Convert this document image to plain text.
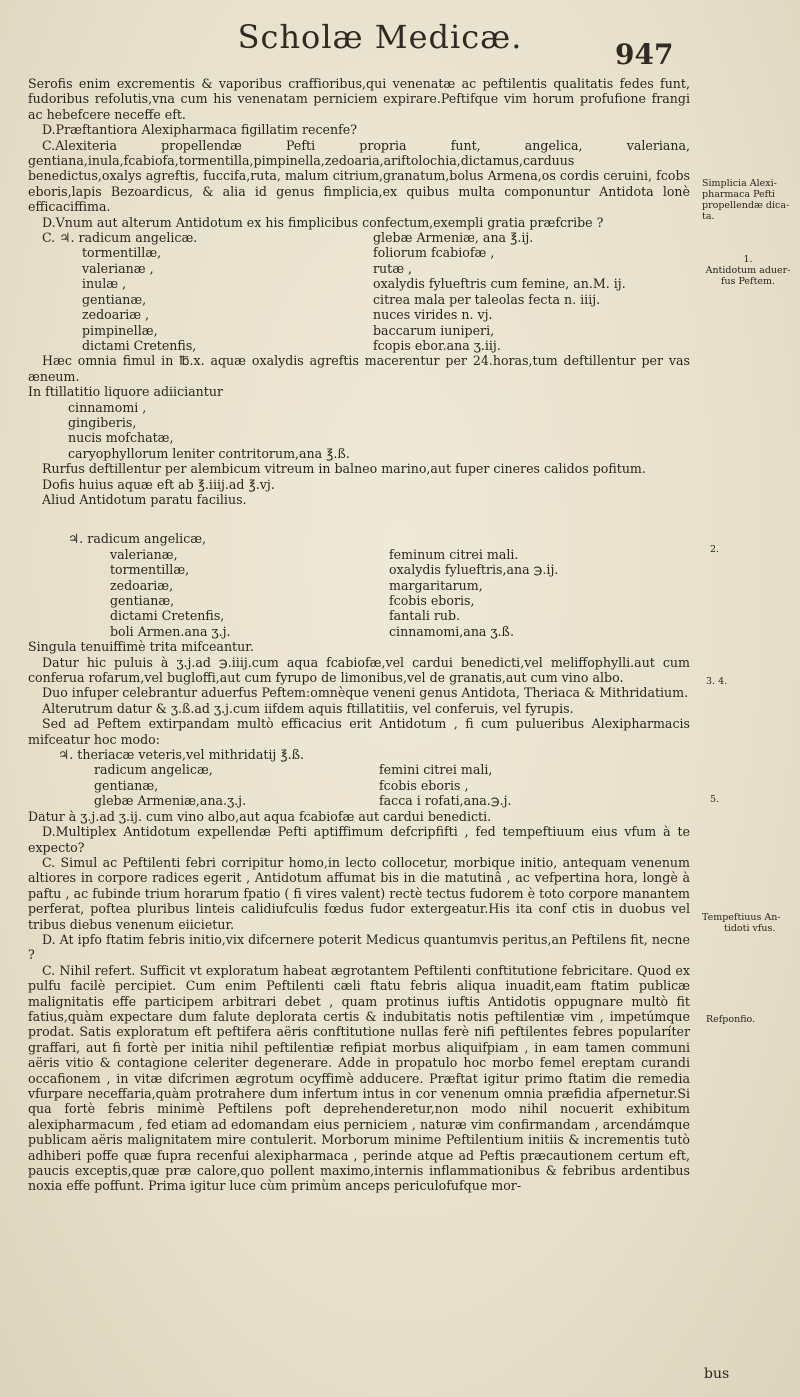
Scholæ Medicæ.	947

Serofis enim excrementis & vaporibus craffioribus,qui venenatæ ac peftilentis qualitatis fedes funt, fudoribus refolutis,vna cum his venenatam perniciem expirare.Peftifque vim horum profufione frangi ac hebefcere neceffe eft.

D.Præftantiora Alexipharmaca figillatim recenfe?

C.Alexiteria propellendæ Pefti propria funt, angelica, valeriana, gentiana,inula,fcabiofa,tormentilla,pimpinella,zedoaria,ariftolochia,dictamus,carduus benedictus,oxalys agreftis, fuccifa,ruta, malum citrium,granatum,bolus Armena,os cordis ceruini, fcobs eboris,lapis Bezoardicus, & alia id genus fimplicia,ex quibus multa componuntur Antidota lonè efficaciffima.

D.Vnum aut alterum Antidotum ex his fimplicibus confectum,exempli gratia præfcribe ?

C. ♃. radicum angelicæ.
tormentillæ,
valerianæ ,
inulæ ,
gentianæ,
zedoariæ ,
pimpinellæ,
dictami Cretenfis,
glebæ Armeniæ, ana ℥.ij.
foliorum fcabiofæ ,
rutæ ,
oxalydis fylueftris cum femine, an.M. ij.
citrea mala per taleolas fecta n. iiij.
nuces virides n. vj.
baccarum iuniperi,
fcopis ebor.ana ʒ.iij.

Hæc omnia fimul in ℔.x. aquæ oxalydis agreftis macerentur per 24.horas,tum deftillentur per vas æneum.

In ftillatitio liquore adiiciantur

cinnamomi ,
gingiberis,
nucis mofchatæ,
caryophyllorum leniter contritorum,ana ℥.ß.

Rurfus deftillentur per alembicum vitreum in balneo marino,aut fuper cineres calidos pofitum.

Dofis huius aquæ eft ab ℥.iiij.ad ℥.vj.

Aliud Antidotum paratu facilius.

♃. radicum angelicæ,
valerianæ,
tormentillæ,
zedoariæ,
gentianæ,
dictami Cretenfis,
boli Armen.ana ʒ.j.

feminum citrei mali.
oxalydis fylueftris,ana ℈.ij.
margaritarum,
fcobis eboris,
fantali rub.
cinnamomi,ana ʒ.ß.

Singula tenuiffimè trita mifceantur.

Datur hic puluis à ʒ.j.ad ℈.iiij.cum aqua fcabiofæ,vel cardui benedicti,vel meliffophylli.aut cum conferua rofarum,vel bugloffi,aut cum fyrupo de limonibus,vel de granatis,aut cum vino albo.

Duo infuper celebrantur aduerfus Peftem:omnèque veneni genus Antidota, Theriaca & Mithridatium.

Alterutrum datur & ʒ.ß.ad ʒ.j.cum iifdem aquis ftillatitiis, vel conferuis, vel fyrupis.

Sed ad Peftem extirpandam multò efficacius erit Antidotum , fi cum pulueribus Alexipharmacis mifceatur hoc modo:

♃. theriacæ veteris,vel mithridatij ℥.ß.
radicum angelicæ,
gentianæ,
glebæ Armeniæ,ana.ʒ.j.

femini citrei mali,
fcobis eboris ,
facca i rofati,ana.℈.j.

Datur à ʒ.j.ad ʒ.ij. cum vino albo,aut aqua fcabiofæ aut cardui benedicti.

D.Multiplex Antidotum expellendæ Pefti aptiffimum defcripfifti , fed tempeftiuum eius vfum à te expecto?

C. Simul ac Peftilenti febri corripitur homo,in lecto collocetur, morbique initio, antequam venenum altiores in corpore radices egerit , Antidotum affumat bis in die matutinâ , ac vefpertina hora, longè à paftu , ac fubinde trium horarum fpatio ( fi vires valent) rectè tectus fudorem è toto corpore manantem perferat, poftea pluribus linteis calidiufculis fœdus fudor extergeatur.His ita conf ctis in duobus vel tribus diebus venenum eiicietur.

D. At ipfo ftatim febris initio,vix difcernere poterit Medicus quantumvis peritus,an Peftilens fit, necne ?

C. Nihil refert. Sufficit vt exploratum habeat ægrotantem Peftilenti conftitutione febricitare. Quod ex pulfu facilè percipiet. Cum enim Peftilenti cæli ftatu febris aliqua inuadit,eam ftatim publicæ malignitatis effe participem arbitrari debet , quam protinus iuftis Antidotis oppugnare multò fit fatius,quàm expectare dum falute deplorata certis & indubitatis notis peftilentiæ vim , impetúmque prodat. Satis exploratum eft peftifera aëris conftitutione nullas ferè nifi peftilentes febres popularíter graffari, aut fi fortè per initia nihil peftilentiæ refipiat morbus aliquifpiam , in eam tamen communi aëris vitio & contagione celeriter degenerare. Adde in propatulo hoc morbo femel ereptam curandi occafionem , in vitæ difcrimen ægrotum ocyffimè adducere. Præftat igitur primo ftatim die remedia vfurpare neceffaria,quàm protrahere dum infertum intus in cor venenum omnia præfidia afpernetur.Si qua fortè febris minimè Peftilens poft deprehenderetur,non modo nihil nocuerit exhibitum alexipharmacum , fed etiam ad edomandam eius perniciem , naturæ vim confirmandam , arcendámque publicam aëris malignitatem mire contulerit. Morborum minime Peftilentium initiis & incrementis tutò adhiberi poffe quæ fupra recenfui alexipharmaca , perinde atque ad Peftis præcautionem certum eft, paucis exceptis,quæ præ calore,quo pollent maximo,internis inflammationibus & febribus ardentibus noxia effe poffunt. Prima igitur luce cùm primùm anceps periculofufque mor-

Simplicia Alexi-
pharmaca Pefti
propellendæ dica-
ta.
1.
Antidotum aduer-
fus Peftem.
2.
3. 4.
5.
Tempeftiuus An-
tidoti vfus.
Refponfio.
bus
